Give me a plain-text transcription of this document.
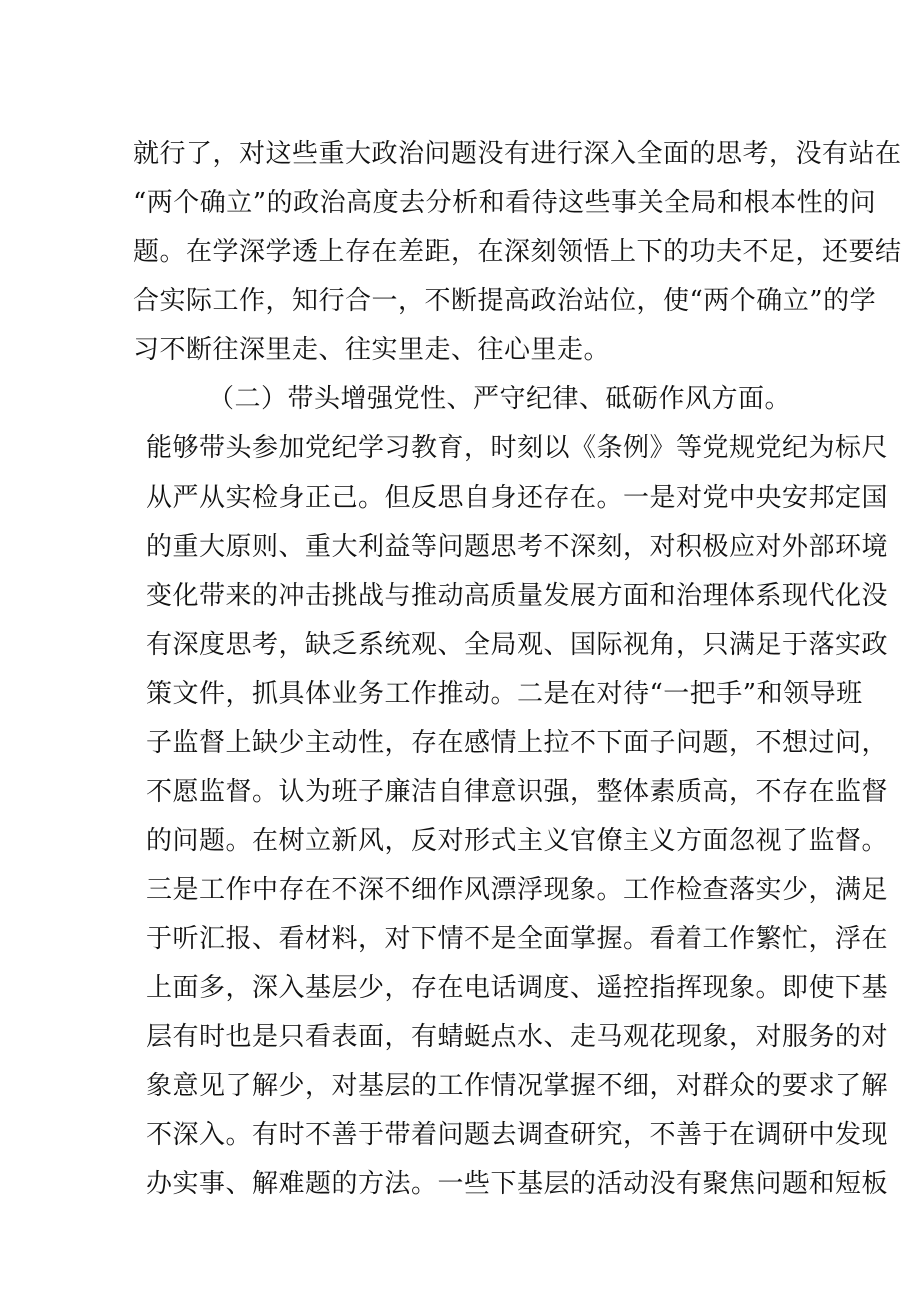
就行了，对这些重大政治问题没有进行深入全面的思考，没有站在
“两个确立”的政治高度去分析和看待这些事关全局和根本性的问
题。在学深学透上存在差距，在深刻领悟上下的功夫不足，还要结
合实际工作，知行合一，不断提高政治站位，使“两个确立”的学
习不断往深里走、往实里走、往心里走。
（二）带头增强党性、严守纪律、砥砺作风方面。
能够带头参加党纪学习教育，时刻以《条例》等党规党纪为标尺
从严从实检身正己。但反思自身还存在。一是对党中央安邦定国
的重大原则、重大利益等问题思考不深刻，对积极应对外部环境
变化带来的冲击挑战与推动高质量发展方面和治理体系现代化没
有深度思考，缺乏系统观、全局观、国际视角，只满足于落实政
策文件，抓具体业务工作推动。二是在对待“一把手”和领导班
子监督上缺少主动性，存在感情上拉不下面子问题，不想过问，
不愿监督。认为班子廉洁自律意识强，整体素质高，不存在监督
的问题。在树立新风，反对形式主义官僚主义方面忽视了监督。
三是工作中存在不深不细作风漂浮现象。工作检查落实少，满足
于听汇报、看材料，对下情不是全面掌握。看着工作繁忙，浮在
上面多，深入基层少，存在电话调度、遥控指挥现象。即使下基
层有时也是只看表面，有蜻蜓点水、走马观花现象，对服务的对
象意见了解少，对基层的工作情况掌握不细，对群众的要求了解
不深入。有时不善于带着问题去调查研究，不善于在调研中发现
办实事、解难题的方法。一些下基层的活动没有聚焦问题和短板
